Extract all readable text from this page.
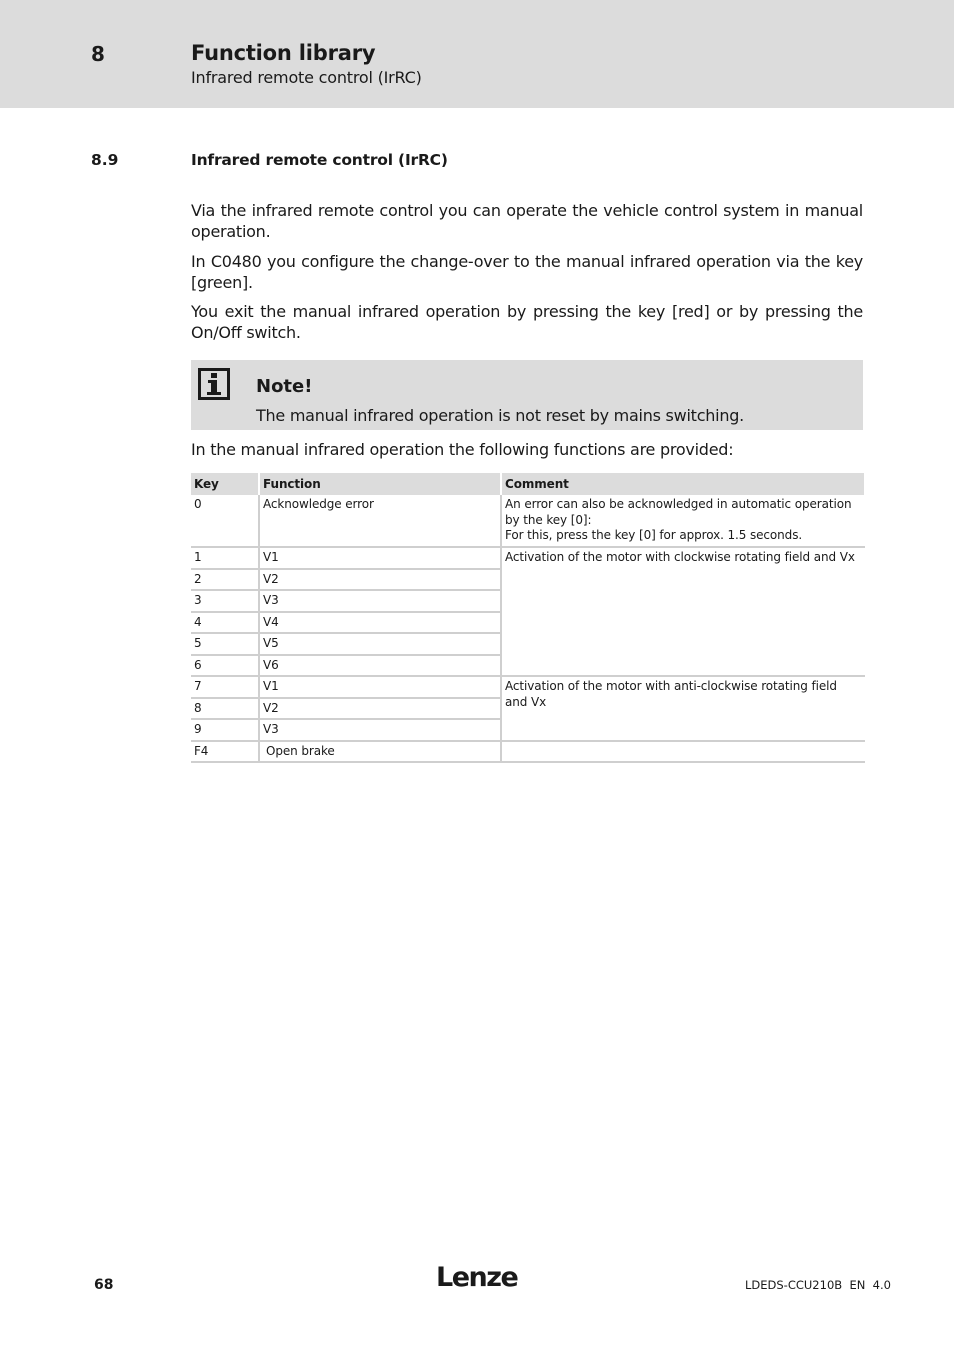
8	Function library
Infrared remote control (IrRC)
8.9	Infrared remote control (IrRC)

Via the infrared remote control you can operate the vehicle control system in manual operation.

In C0480 you configure the change-over to the manual infrared operation via the key [green].

You exit the manual infrared operation by pressing the key [red] or by pressing the On/Off switch.

Note!
The manual infrared operation is not reset by mains switching.

In the manual infrared operation the following functions are provided:

Key	Function	Comment
0	Acknowledge error	An error can also be acknowledged in automatic operation by the key [0]:
For this, press the key [0] for approx. 1.5 seconds.

1	V1	Activation of the motor with clockwise rotating field and Vx
2	V2	
3	V3	
4	V4	
5	V5	
6	V6	
7	V1	Activation of the motor with anti-clockwise rotating field and Vx
8	V2	
9	V3	
F4	Open brake	
68	Lenze	LDEDS-CCU210B  EN  4.0
